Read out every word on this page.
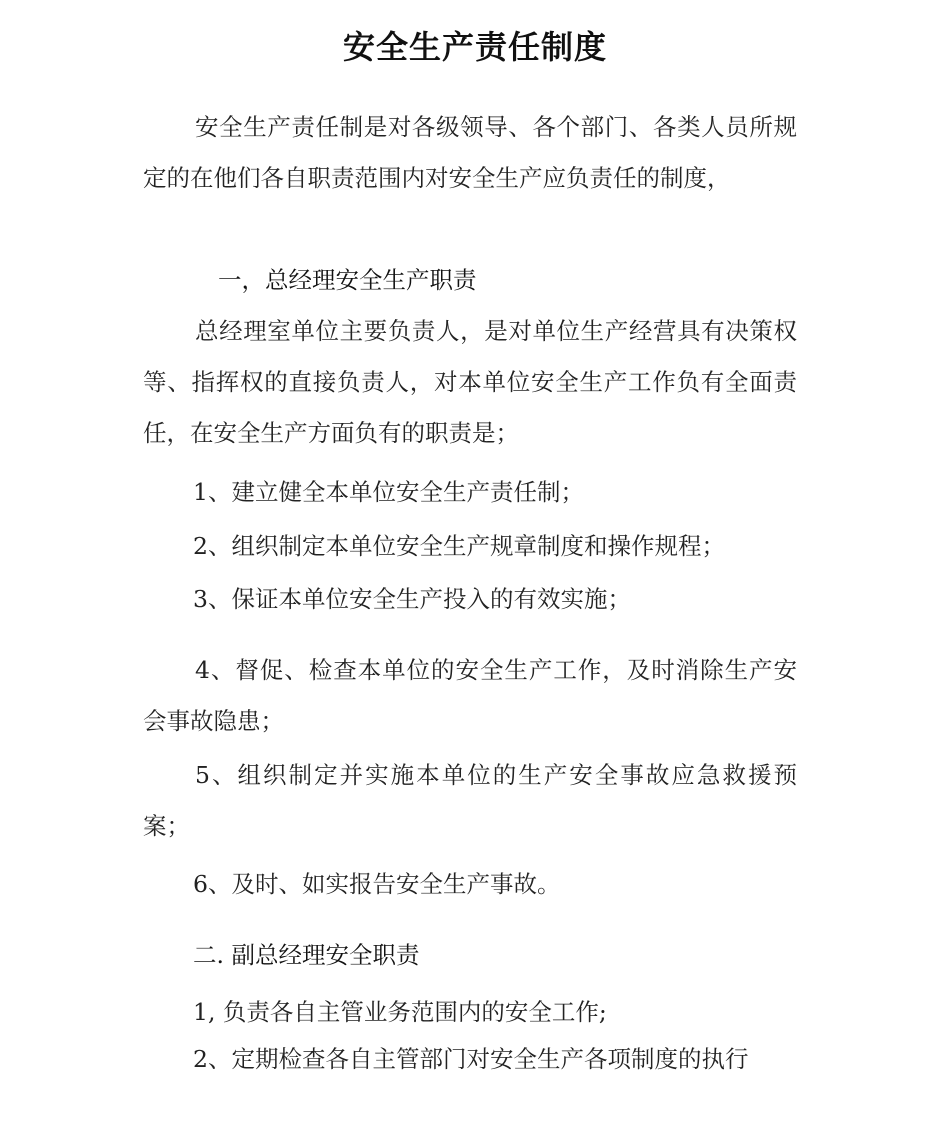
安全生产责任制度
安全生产责任制是对各级领导、各个部门、各类人员所规定的在他们各自职责范围内对安全生产应负责任的制度，
一，总经理安全生产职责
总经理室单位主要负责人，是对单位生产经营具有决策权等、指挥权的直接负责人，对本单位安全生产工作负有全面责任，在安全生产方面负有的职责是；
1、建立健全本单位安全生产责任制；
2、组织制定本单位安全生产规章制度和操作规程；
3、保证本单位安全生产投入的有效实施；
4、督促、检查本单位的安全生产工作，及时消除生产安会事故隐患；
5、组织制定并实施本单位的生产安全事故应急救援预案；
6、及时、如实报告安全生产事故。
二. 副总经理安全职责
1, 负责各自主管业务范围内的安全工作;
2、定期检查各自主管部门对安全生产各项制度的执行
